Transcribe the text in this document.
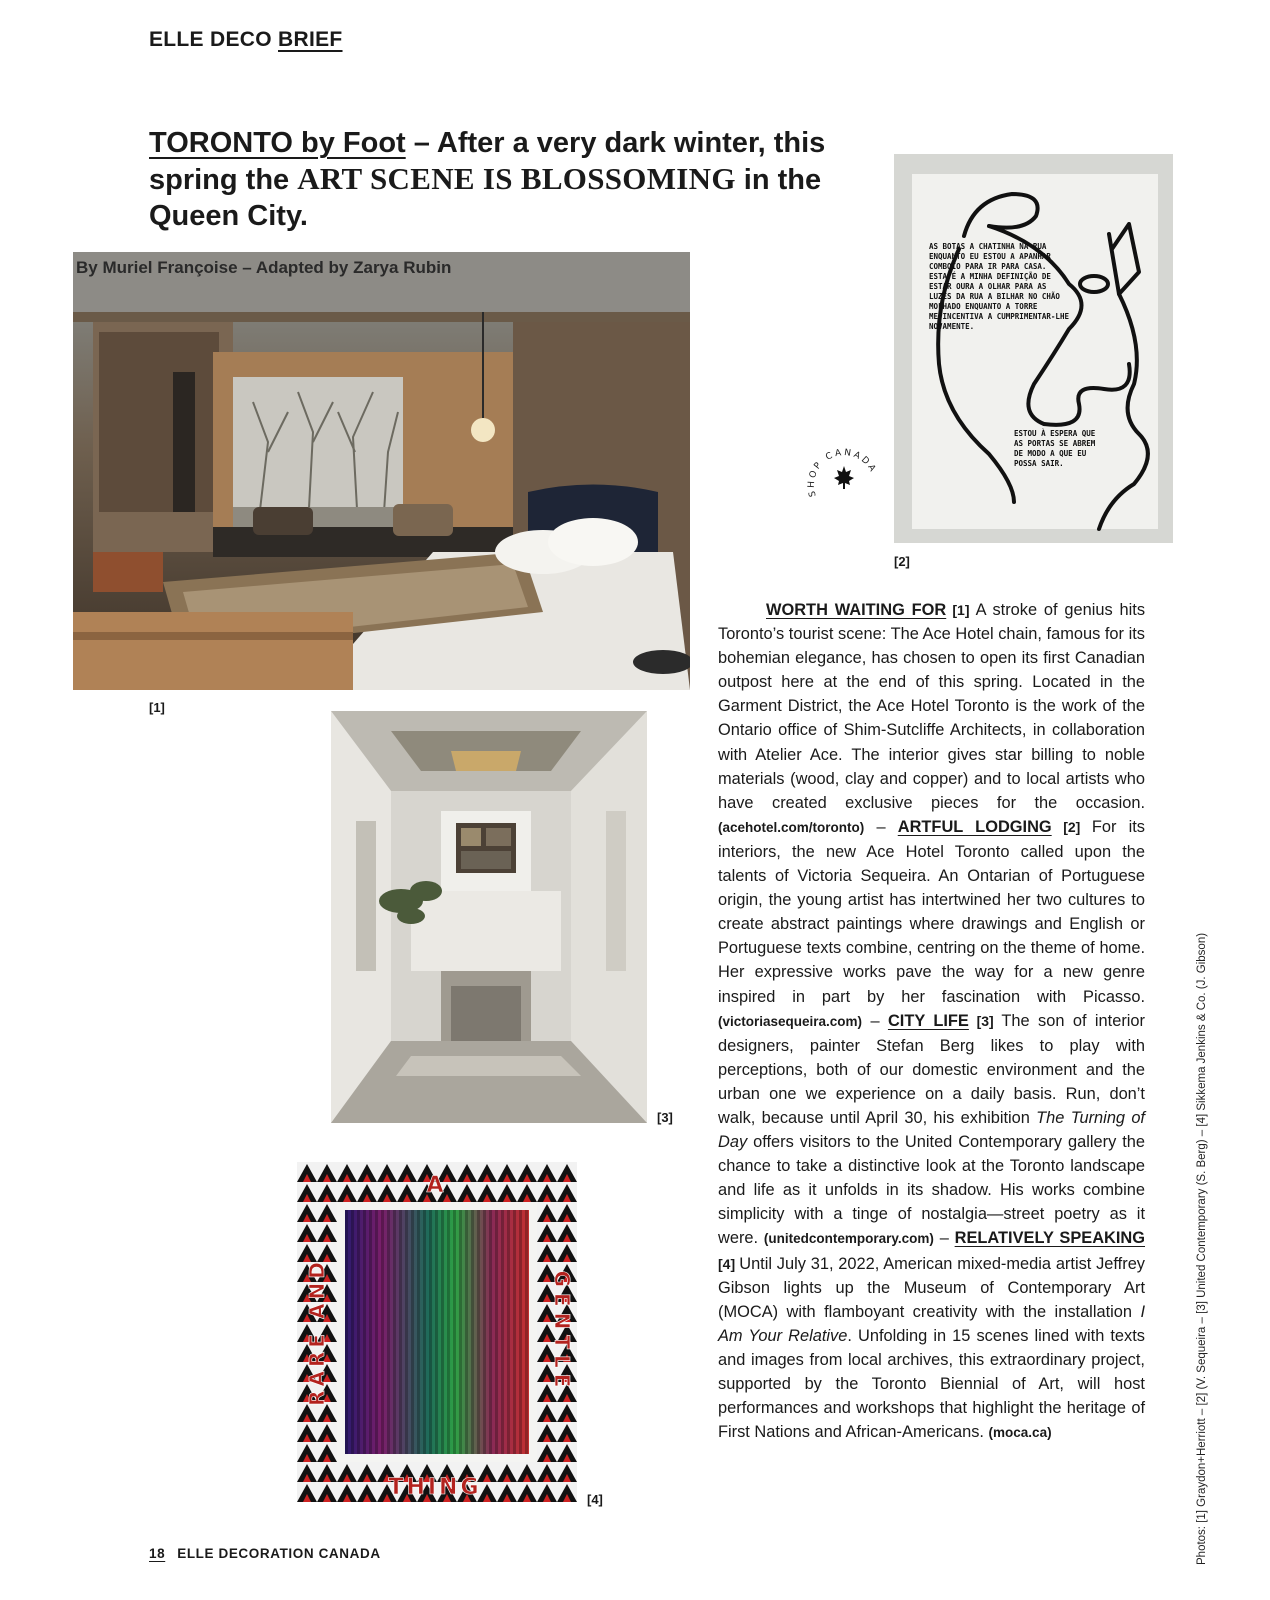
ELLE DECO BRIEF
TORONTO by Foot – After a very dark winter, this spring the ART SCENE IS BLOSSOMING in the Queen City.
By Muriel Françoise – Adapted by Zarya Rubin
[1]
AS BOTAS A CHATINHA NA RUA
ENQUANTO EU ESTOU A APANHAR
COMBOIO PARA IR PARA CASA.
ESTA É A MINHA DEFINIÇÃO DE
ESTAR OURA A OLHAR PARA AS
LUZES DA RUA A BILHAR NO CHÃO
MOLHADO ENQUANTO A TORRE
ME INCENTIVA A CUMPRIMENTAR-LHE
NOVAMENTE.
ESTOU À ESPERA QUE
AS PORTAS SE ABREM
DE MODO A QUE EU
POSSA SAIR.
[2]
SHOP CANADA
[3]
A
THING
RARE AND	GENTLE
[4]
WORTH WAITING FOR [1] A stroke of genius hits Toronto’s tourist scene: The Ace Hotel chain, famous for its bohemian elegance, has chosen to open its first Canadian outpost here at the end of this spring. Located in the Garment District, the Ace Hotel Toronto is the work of the Ontario office of Shim-Sutcliffe Architects, in collaboration with Atelier Ace. The interior gives star billing to noble materials (wood, clay and copper) and to local artists who have created exclusive pieces for the occasion. (acehotel.com/toronto) – ARTFUL LODGING [2] For its interiors, the new Ace Hotel Toronto called upon the talents of Victoria Sequeira. An Ontarian of Portuguese origin, the young artist has intertwined her two cultures to create abstract paintings where drawings and English or Portuguese texts combine, centring on the theme of home. Her expressive works pave the way for a new genre inspired in part by her fascination with Picasso. (victoriasequeira.com) – CITY LIFE [3] The son of interior designers, painter Stefan Berg likes to play with perceptions, both of our domestic environment and the urban one we experience on a daily basis. Run, don’t walk, because until April 30, his exhibition The Turning of Day offers visitors to the United Contemporary gallery the chance to take a distinctive look at the Toronto landscape and life as it unfolds in its shadow. His works combine simplicity with a tinge of nostalgia—street poetry as it were. (unitedcontemporary.com) – RELATIVELY SPEAKING [4] Until July 31, 2022, American mixed-media artist Jeffrey Gibson lights up the Museum of Contemporary Art (MOCA) with flamboyant creativity with the installation I Am Your Relative. Unfolding in 15 scenes lined with texts and images from local archives, this extraordinary project, supported by the Toronto Biennial of Art, will host performances and workshops that highlight the heritage of First Nations and African-Americans. (moca.ca)	Photos: [1] Graydon+Herriott – [2] (V. Sequeira – [3] United Contemporary (S. Berg) – [4] Sikkema Jenkins & Co. (J. Gibson)
18 ELLE DECORATION CANADA
